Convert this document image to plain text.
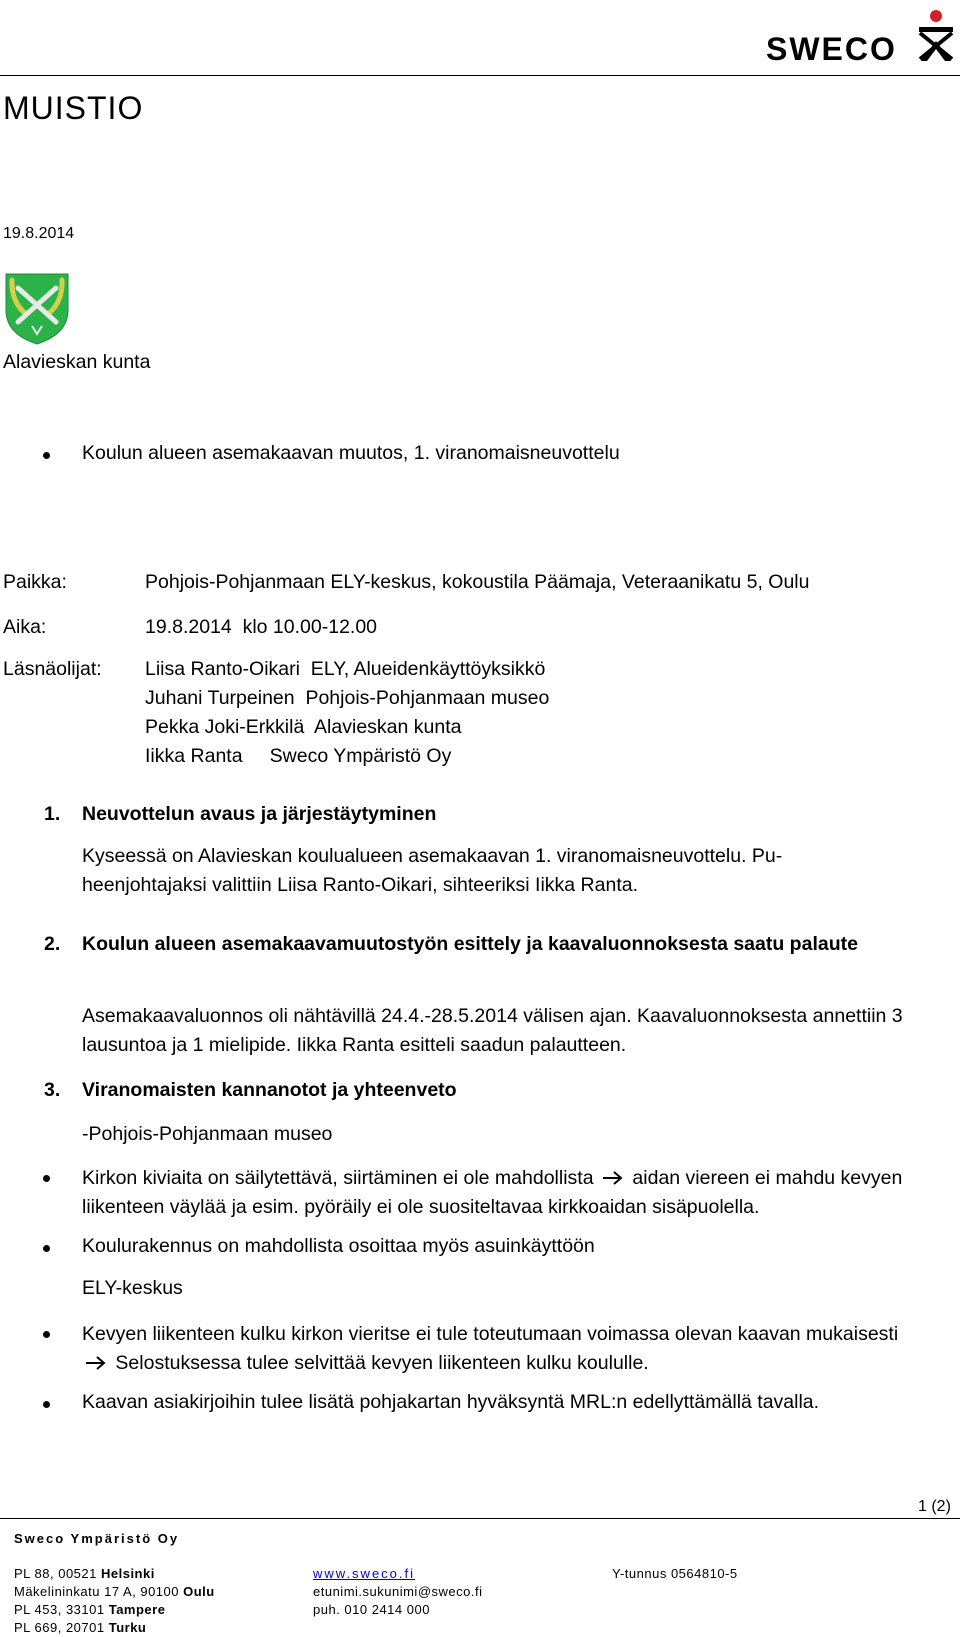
SWECO
MUISTIO
19.8.2014
Alavieskan kunta
Koulun alueen asemakaavan muutos, 1. viranomaisneuvottelu
Paikka:	Pohjois-Pohjanmaan ELY-keskus, kokoustila Päämaja, Veteraanikatu 5, Oulu
Aika:	19.8.2014  klo 10.00-12.00
Läsnäolijat: Liisa Ranto-Oikari  ELY, Alueidenkäyttöyksikkö
Juhani Turpeinen  Pohjois-Pohjanmaan museo
Pekka Joki-Erkkilä  Alavieskan kunta
Iikka Ranta     Sweco Ympäristö Oy
1. Neuvottelun avaus ja järjestäytyminen
Kyseessä on Alavieskan koulualueen asemakaavan 1. viranomaisneuvottelu. Pu-heenjohtajaksi valittiin Liisa Ranto-Oikari, sihteeriksi Iikka Ranta.
2. Koulun alueen asemakaavamuutostyön esittely ja kaavaluonnoksesta saatu palaute
Asemakaavaluonnos oli nähtävillä 24.4.-28.5.2014 välisen ajan. Kaavaluonnoksesta annettiin 3 lausuntoa ja 1 mielipide. Iikka Ranta esitteli saadun palautteen.
3. Viranomaisten kannanotot ja yhteenveto
-Pohjois-Pohjanmaan museo
Kirkon kiviaita on säilytettävä, siirtäminen ei ole mahdollista aidan viereen ei mahdu kevyen liikenteen väylää ja esim. pyöräily ei ole suositeltavaa kirkkoaidan sisäpuolella.
Koulurakennus on mahdollista osoittaa myös asuinkäyttöön
ELY-keskus
Kevyen liikenteen kulku kirkon vieritse ei tule toteutumaan voimassa olevan kaavan mukaisesti  Selostuksessa tulee selvittää kevyen liikenteen kulku koululle.
Kaavan asiakirjoihin tulee lisätä pohjakartan hyväksyntä MRL:n edellyttämällä tavalla.
1 (2)
Sweco Ympäristö Oy
PL 88, 00521 Helsinki
Mäkelininkatu 17 A, 90100 Oulu
PL 453, 33101 Tampere
PL 669, 20701 Turku
www.sweco.fi
etunimi.sukunimi@sweco.fi
puh. 010 2414 000
Y-tunnus 0564810-5
